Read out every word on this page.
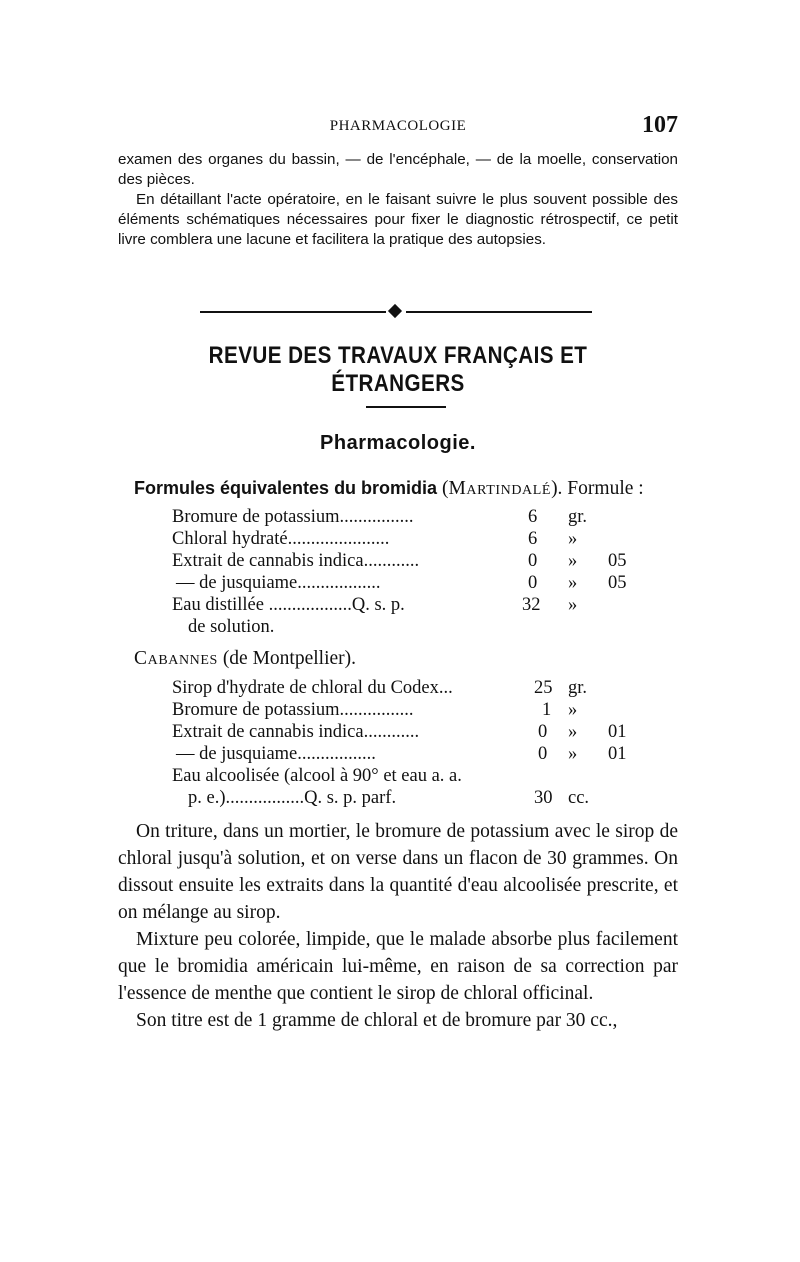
PHARMACOLOGIE	107

examen des organes du bassin, — de l'encéphale, — de la moelle, conservation des pièces.

En détaillant l'acte opératoire, en le faisant suivre le plus souvent possible des éléments schématiques nécessaires pour fixer le diagnostic rétrospectif, ce petit livre comblera une lacune et facilitera la pratique des autopsies.

REVUE DES TRAVAUX FRANÇAIS ET ÉTRANGERS
Pharmacologie.
Formules équivalentes du bromidia (Martindalé). Formule :
Bromure de potassium................	6 gr.
Chloral hydraté......................	6 »
Extrait de cannabis indica............	0 » 05
— de jusquiame..................	0 » 05
Eau distillée ..................Q. s. p.	32 »
de solution.
Cabannes (de Montpellier).
Sirop d'hydrate de chloral du Codex...	25 gr.
Bromure de potassium................	1 »
Extrait de cannabis indica............	0 » 01
— de jusquiame.................	0 » 01
Eau alcoolisée (alcool à 90° et eau a. a.
p. e.).................Q. s. p. parf.	30 cc.

On triture, dans un mortier, le bromure de potassium avec le sirop de chloral jusqu'à solution, et on verse dans un flacon de 30 grammes. On dissout ensuite les extraits dans la quantité d'eau alcoolisée prescrite, et on mélange au sirop.

Mixture peu colorée, limpide, que le malade absorbe plus facilement que le bromidia américain lui-même, en raison de sa correction par l'essence de menthe que contient le sirop de chloral officinal.

Son titre est de 1 gramme de chloral et de bromure par 30 cc.,
